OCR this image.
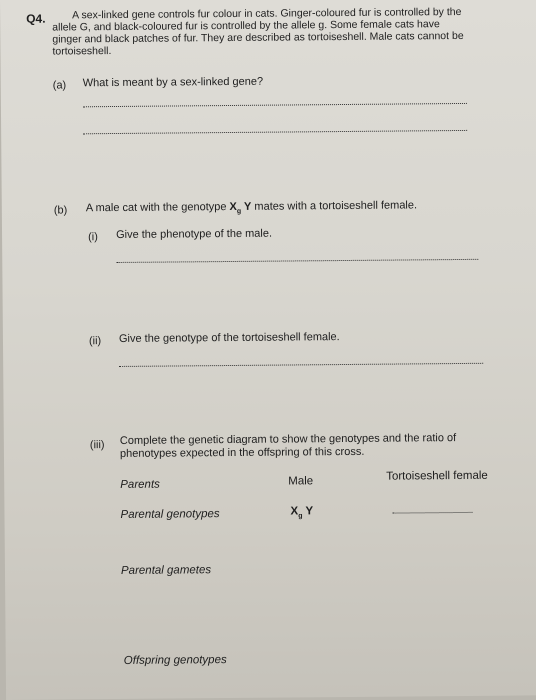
Q4.	A sex-linked gene controls fur colour in cats. Ginger-coloured fur is controlled by the
allele G, and black-coloured fur is controlled by the allele g. Some female cats have
ginger and black patches of fur. They are described as tortoiseshell. Male cats cannot be
tortoiseshell.
(a) What is meant by a sex-linked gene?
(b) A male cat with the genotype $X_g$ Y mates with a tortoiseshell female.
(i) Give the phenotype of the male.
(ii) Give the genotype of the tortoiseshell female.
(iii) Complete the genetic diagram to show the genotypes and the ratio of
phenotypes expected in the offspring of this cross.
Parents	Male	Tortoiseshell female
Parental genotypes	$X_g$ Y
Parental gametes
Offspring genotypes
